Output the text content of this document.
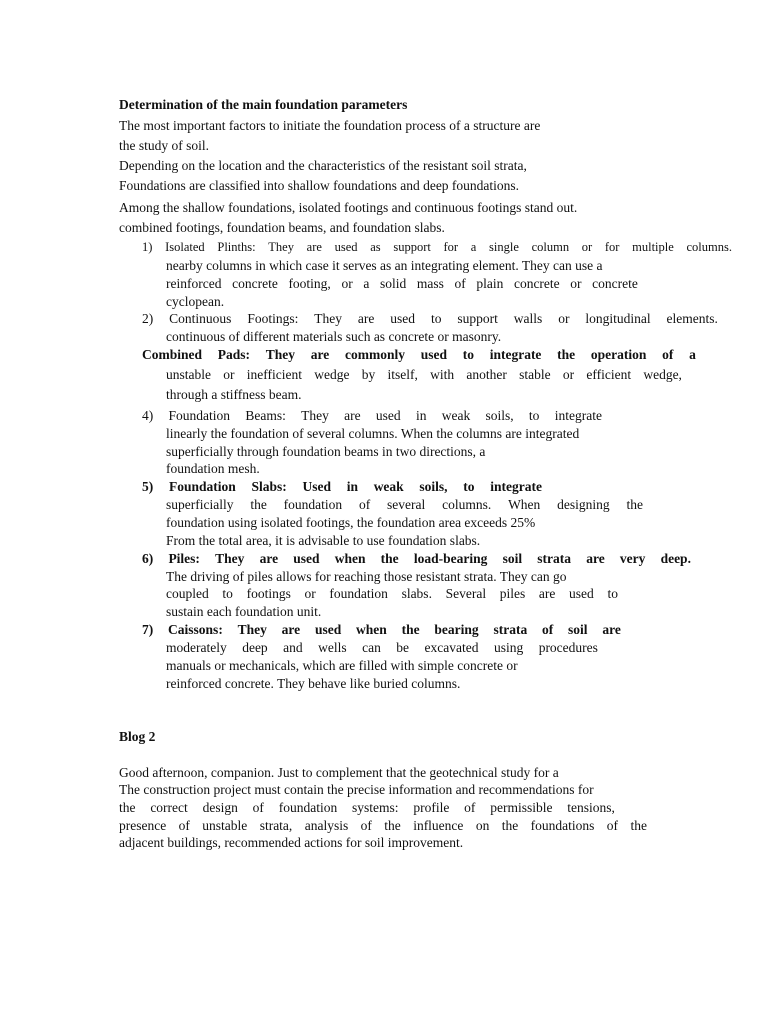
Determination of the main foundation parameters
The most important factors to initiate the foundation process of a structure are
the study of soil.
Depending on the location and the characteristics of the resistant soil strata,
Foundations are classified into shallow foundations and deep foundations.
Among the shallow foundations, isolated footings and continuous footings stand out.
combined footings, foundation beams, and foundation slabs.
1) Isolated Plinths: They are used as support for a single column or for multiple columns.
nearby columns in which case it serves as an integrating element. They can use a
reinforced concrete footing, or a solid mass of plain concrete or concrete
cyclopean.
2) Continuous Footings: They are used to support walls or longitudinal elements.
continuous of different materials such as concrete or masonry.
Combined Pads: They are commonly used to integrate the operation of a
unstable or inefficient wedge by itself, with another stable or efficient wedge,
through a stiffness beam.
4) Foundation Beams: They are used in weak soils, to integrate
linearly the foundation of several columns. When the columns are integrated
superficially through foundation beams in two directions, a
foundation mesh.
5) Foundation Slabs: Used in weak soils, to integrate
superficially the foundation of several columns. When designing the
foundation using isolated footings, the foundation area exceeds 25%
From the total area, it is advisable to use foundation slabs.
6) Piles: They are used when the load-bearing soil strata are very deep.
The driving of piles allows for reaching those resistant strata. They can go
coupled to footings or foundation slabs. Several piles are used to
sustain each foundation unit.
7) Caissons: They are used when the bearing strata of soil are
moderately deep and wells can be excavated using procedures
manuals or mechanicals, which are filled with simple concrete or
reinforced concrete. They behave like buried columns.
Blog 2
Good afternoon, companion. Just to complement that the geotechnical study for a
The construction project must contain the precise information and recommendations for
the correct design of foundation systems: profile of permissible tensions,
presence of unstable strata, analysis of the influence on the foundations of the
adjacent buildings, recommended actions for soil improvement.
